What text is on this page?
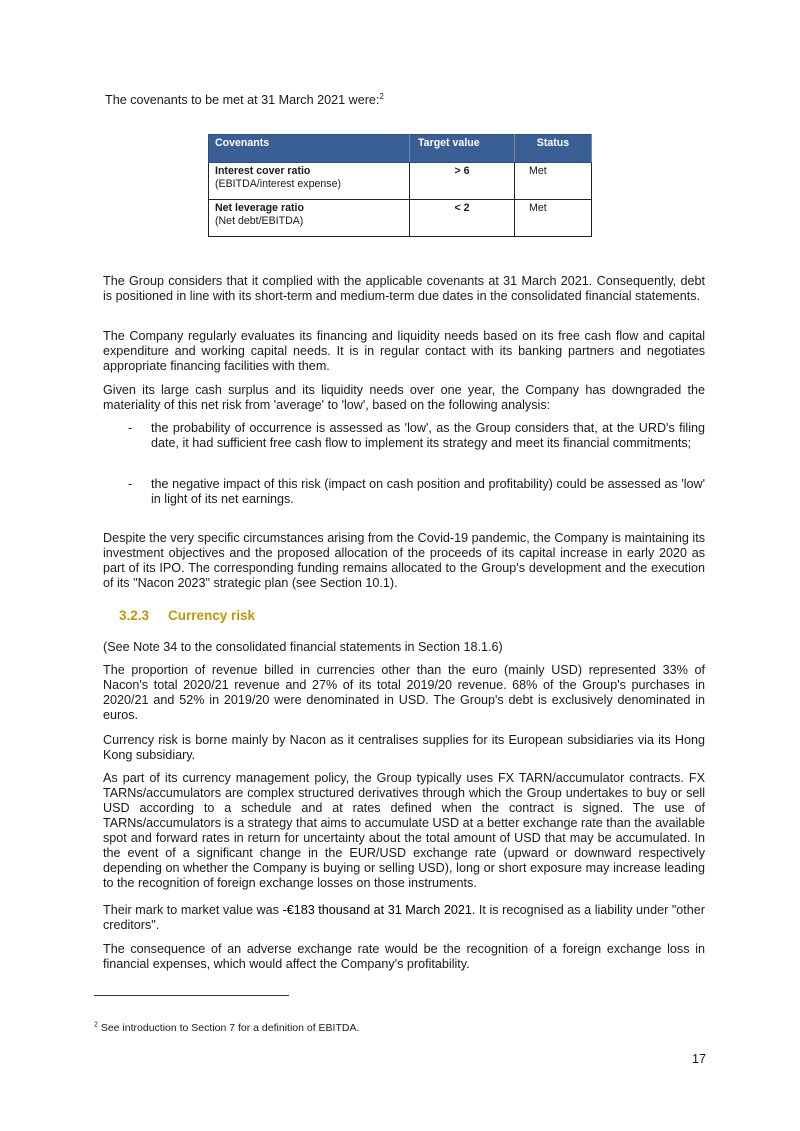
The covenants to be met at 31 March 2021 were:$^2$

Covenants	Target value	Status

Interest cover ratio
(EBITDA/interest expense)	> 6	Met

Net leverage ratio
(Net debt/EBITDA)	< 2	Met

The Group considers that it complied with the applicable covenants at 31 March 2021. Consequently, debt is positioned in line with its short-term and medium-term due dates in the consolidated financial statements.

The Company regularly evaluates its financing and liquidity needs based on its free cash flow and capital expenditure and working capital needs. It is in regular contact with its banking partners and negotiates appropriate financing facilities with them.

Given its large cash surplus and its liquidity needs over one year, the Company has downgraded the materiality of this net risk from 'average' to 'low', based on the following analysis:

-	the probability of occurrence is assessed as 'low', as the Group considers that, at the URD's filing date, it had sufficient free cash flow to implement its strategy and meet its financial commitments;

-	the negative impact of this risk (impact on cash position and profitability) could be assessed as 'low' in light of its net earnings.

Despite the very specific circumstances arising from the Covid-19 pandemic, the Company is maintaining its investment objectives and the proposed allocation of the proceeds of its capital increase in early 2020 as part of its IPO. The corresponding funding remains allocated to the Group's development and the execution of its "Nacon 2023" strategic plan (see Section 10.1).

3.2.3 Currency risk

(See Note 34 to the consolidated financial statements in Section 18.1.6)

The proportion of revenue billed in currencies other than the euro (mainly USD) represented 33% of Nacon's total 2020/21 revenue and 27% of its total 2019/20 revenue. 68% of the Group's purchases in 2020/21 and 52% in 2019/20 were denominated in USD. The Group's debt is exclusively denominated in euros.

Currency risk is borne mainly by Nacon as it centralises supplies for its European subsidiaries via its Hong Kong subsidiary.

As part of its currency management policy, the Group typically uses FX TARN/accumulator contracts. FX TARNs/accumulators are complex structured derivatives through which the Group undertakes to buy or sell USD according to a schedule and at rates defined when the contract is signed. The use of TARNs/accumulators is a strategy that aims to accumulate USD at a better exchange rate than the available spot and forward rates in return for uncertainty about the total amount of USD that may be accumulated. In the event of a significant change in the EUR/USD exchange rate (upward or downward respectively depending on whether the Company is buying or selling USD), long or short exposure may increase leading to the recognition of foreign exchange losses on those instruments.

Their mark to market value was -€183 thousand at 31 March 2021. It is recognised as a liability under "other creditors".

The consequence of an adverse exchange rate would be the recognition of a foreign exchange loss in financial expenses, which would affect the Company's profitability.

$^2$ See introduction to Section 7 for a definition of EBITDA.
17
